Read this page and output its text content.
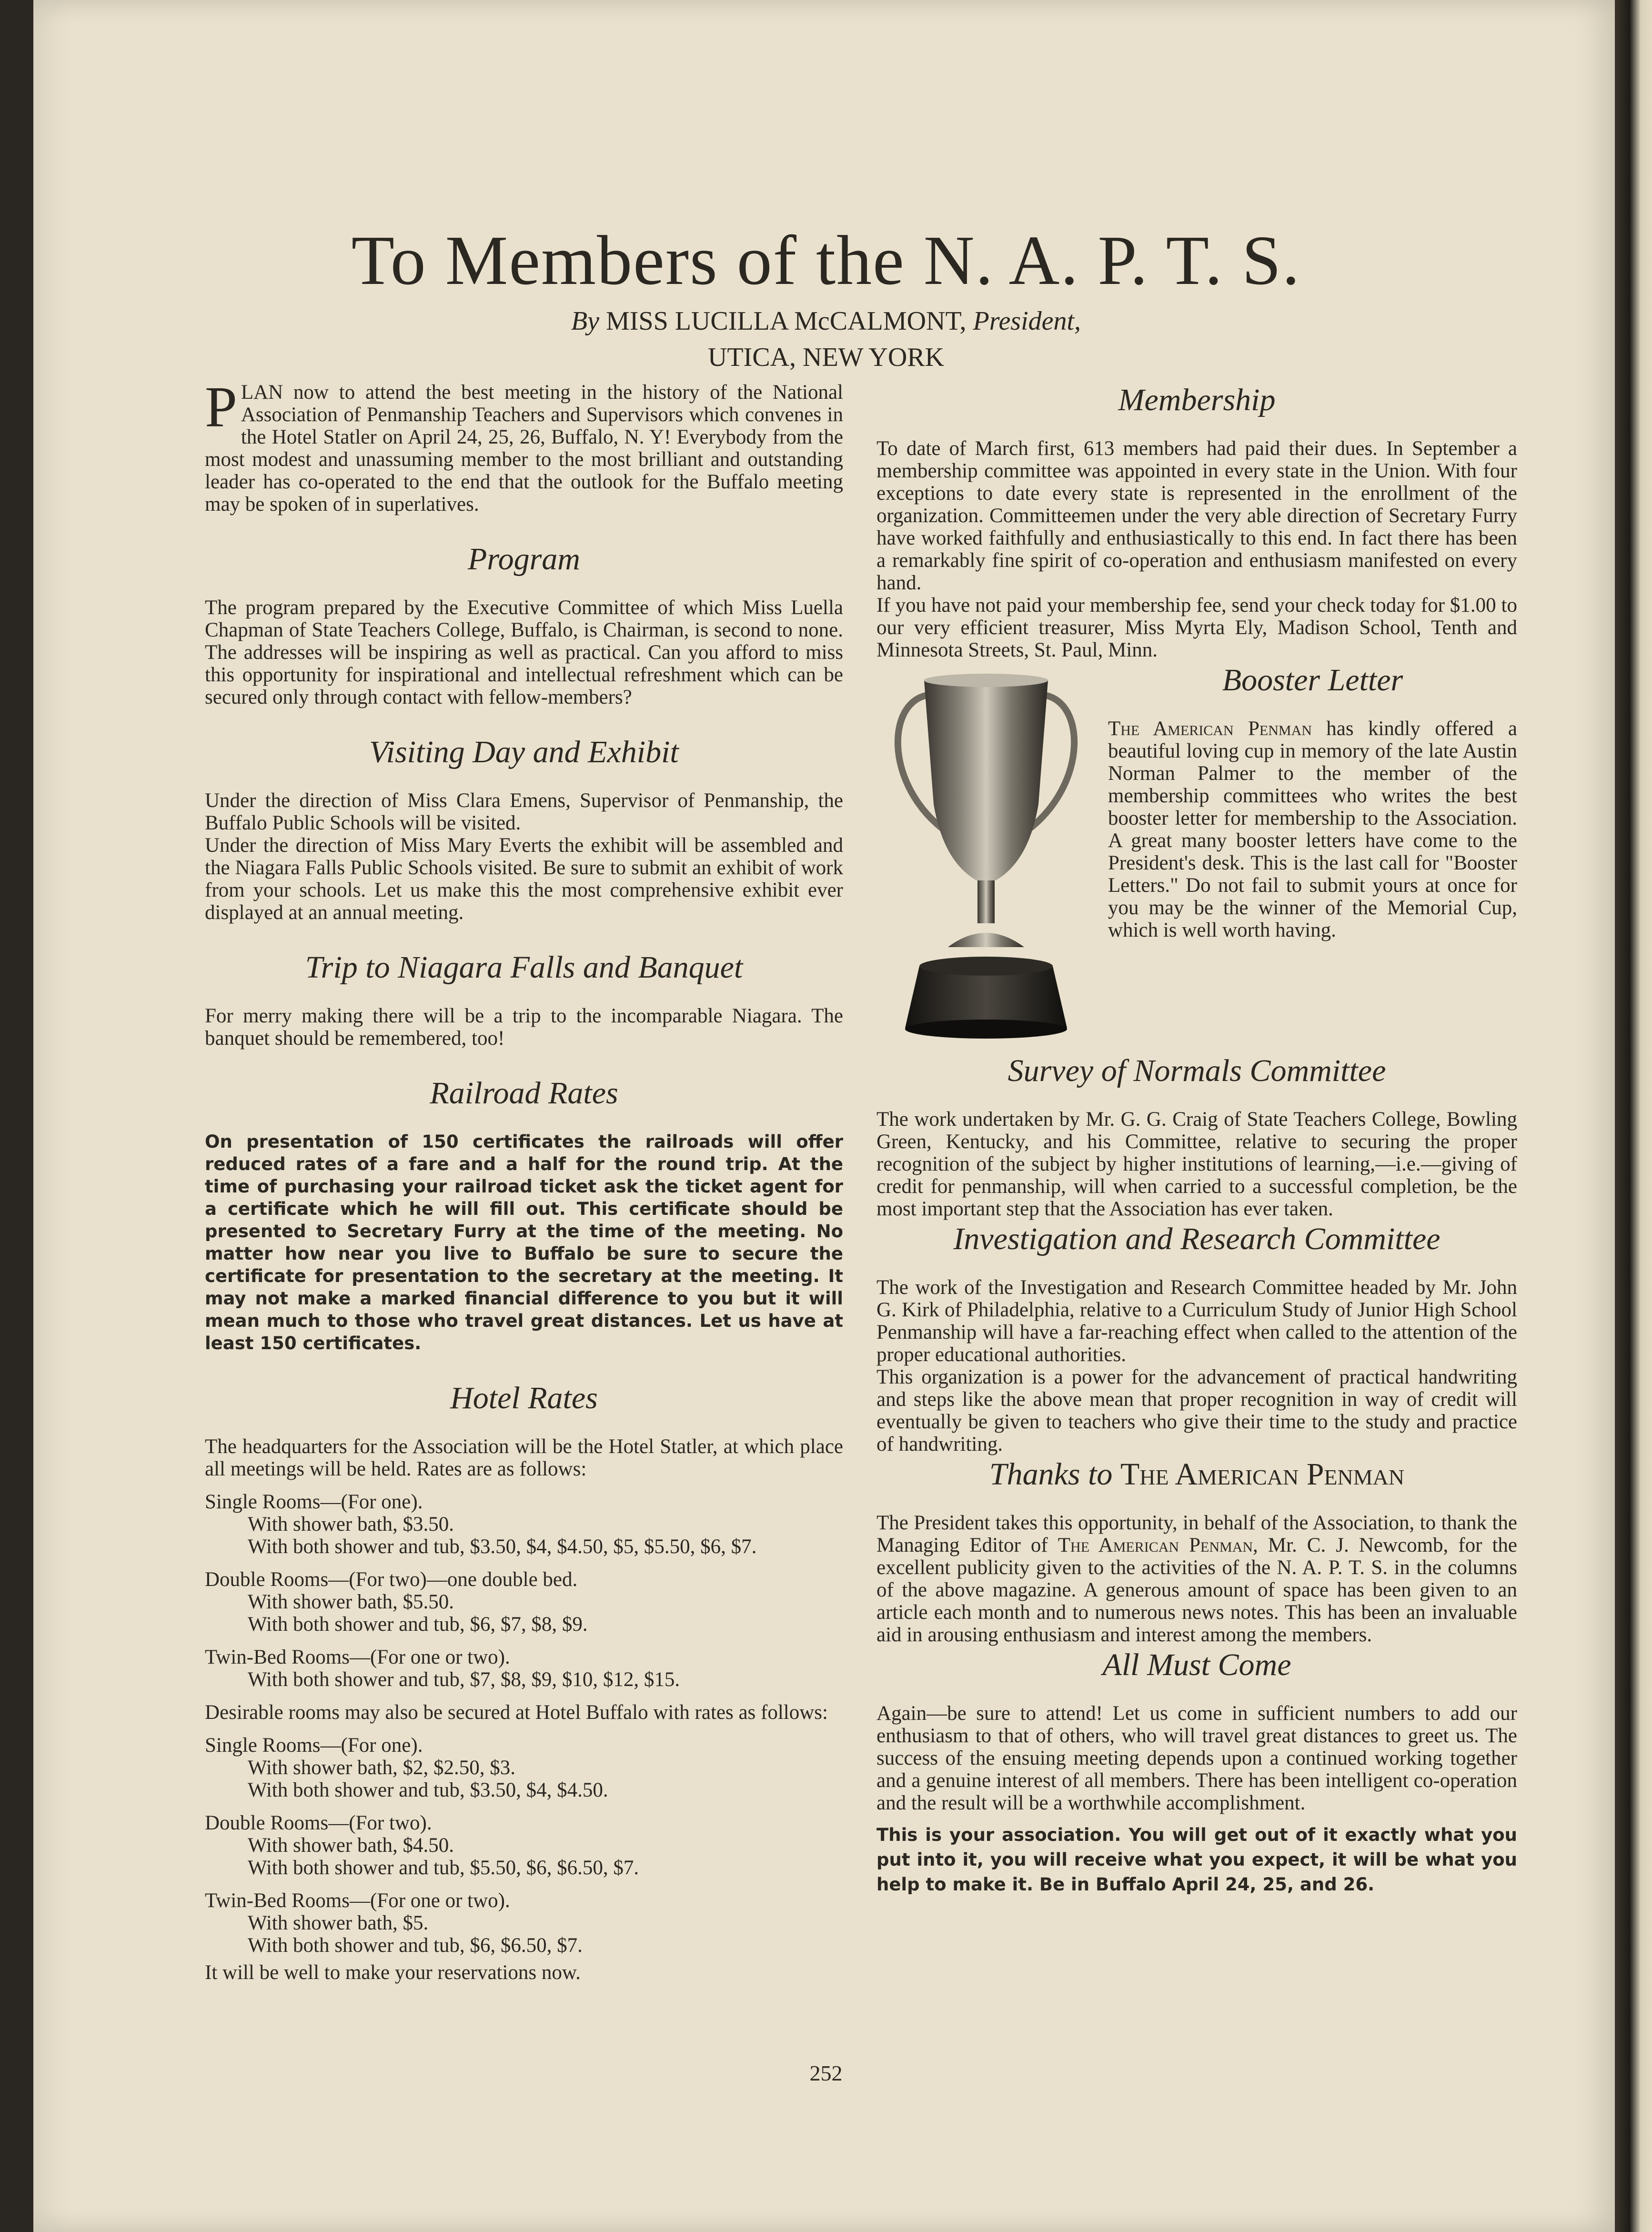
To Members of the N. A. P. T. S.
By MISS LUCILLA McCALMONT, President,
UTICA, NEW YORK

PLAN now to attend the best meeting in the history of the National Association of Penmanship Teachers and Supervisors which convenes in the Hotel Statler on April 24, 25, 26, Buffalo, N. Y! Everybody from the most modest and unassuming member to the most brilliant and outstanding leader has co-operated to the end that the outlook for the Buffalo meeting may be spoken of in superlatives.

Program

The program prepared by the Executive Committee of which Miss Luella Chapman of State Teachers College, Buffalo, is Chairman, is second to none. The addresses will be inspiring as well as practical. Can you afford to miss this opportunity for inspirational and intellectual refreshment which can be secured only through contact with fellow-members?

Visiting Day and Exhibit

Under the direction of Miss Clara Emens, Supervisor of Penmanship, the Buffalo Public Schools will be visited.

Under the direction of Miss Mary Everts the exhibit will be assembled and the Niagara Falls Public Schools visited. Be sure to submit an exhibit of work from your schools. Let us make this the most comprehensive exhibit ever displayed at an annual meeting.

Trip to Niagara Falls and Banquet

For merry making there will be a trip to the incomparable Niagara. The banquet should be remembered, too!

Railroad Rates

On presentation of 150 certificates the railroads will offer reduced rates of a fare and a half for the round trip. At the time of purchasing your railroad ticket ask the ticket agent for a certificate which he will fill out. This certificate should be presented to Secretary Furry at the time of the meeting. No matter how near you live to Buffalo be sure to secure the certificate for presentation to the secretary at the meeting. It may not make a marked financial difference to you but it will mean much to those who travel great distances. Let us have at least 150 certificates.

Hotel Rates

The headquarters for the Association will be the Hotel Statler, at which place all meetings will be held. Rates are as follows:

Single Rooms—(For one).

With shower bath, $3.50.

With both shower and tub, $3.50, $4, $4.50, $5, $5.50, $6, $7.

Double Rooms—(For two)—one double bed.

With shower bath, $5.50.

With both shower and tub, $6, $7, $8, $9.

Twin-Bed Rooms—(For one or two).

With both shower and tub, $7, $8, $9, $10, $12, $15.

Desirable rooms may also be secured at Hotel Buffalo with rates as follows:

Single Rooms—(For one).

With shower bath, $2, $2.50, $3.

With both shower and tub, $3.50, $4, $4.50.

Double Rooms—(For two).

With shower bath, $4.50.

With both shower and tub, $5.50, $6, $6.50, $7.

Twin-Bed Rooms—(For one or two).

With shower bath, $5.

With both shower and tub, $6, $6.50, $7.

It will be well to make your reservations now.

Membership

To date of March first, 613 members had paid their dues. In September a membership committee was appointed in every state in the Union. With four exceptions to date every state is represented in the enrollment of the organization. Committeemen under the very able direction of Secretary Furry have worked faithfully and enthusiastically to this end. In fact there has been a remarkably fine spirit of co-operation and enthusiasm manifested on every hand.

If you have not paid your membership fee, send your check today for $1.00 to our very efficient treasurer, Miss Myrta Ely, Madison School, Tenth and Minnesota Streets, St. Paul, Minn.

Booster Letter

The American Penman has kindly offered a beautiful loving cup in memory of the late Austin Norman Palmer to the member of the membership committees who writes the best booster letter for membership to the Association. A great many booster letters have come to the President's desk. This is the last call for "Booster Letters." Do not fail to submit yours at once for you may be the winner of the Memorial Cup, which is well worth having.

Survey of Normals Committee

The work undertaken by Mr. G. G. Craig of State Teachers College, Bowling Green, Kentucky, and his Committee, relative to securing the proper recognition of the subject by higher institutions of learning,—i.e.—giving of credit for penmanship, will when carried to a successful completion, be the most important step that the Association has ever taken.

Investigation and Research Committee

The work of the Investigation and Research Committee headed by Mr. John G. Kirk of Philadelphia, relative to a Curriculum Study of Junior High School Penmanship will have a far-reaching effect when called to the attention of the proper educational authorities.

This organization is a power for the advancement of practical handwriting and steps like the above mean that proper recognition in way of credit will eventually be given to teachers who give their time to the study and practice of handwriting.

Thanks to The American Penman

The President takes this opportunity, in behalf of the Association, to thank the Managing Editor of The American Penman, Mr. C. J. Newcomb, for the excellent publicity given to the activities of the N. A. P. T. S. in the columns of the above magazine. A generous amount of space has been given to an article each month and to numerous news notes. This has been an invaluable aid in arousing enthusiasm and interest among the members.

All Must Come

Again—be sure to attend! Let us come in sufficient numbers to add our enthusiasm to that of others, who will travel great distances to greet us. The success of the ensuing meeting depends upon a continued working together and a genuine interest of all members. There has been intelligent co-operation and the result will be a worthwhile accomplishment.

This is your association. You will get out of it exactly what you put into it, you will receive what you expect, it will be what you help to make it. Be in Buffalo April 24, 25, and 26.

252
